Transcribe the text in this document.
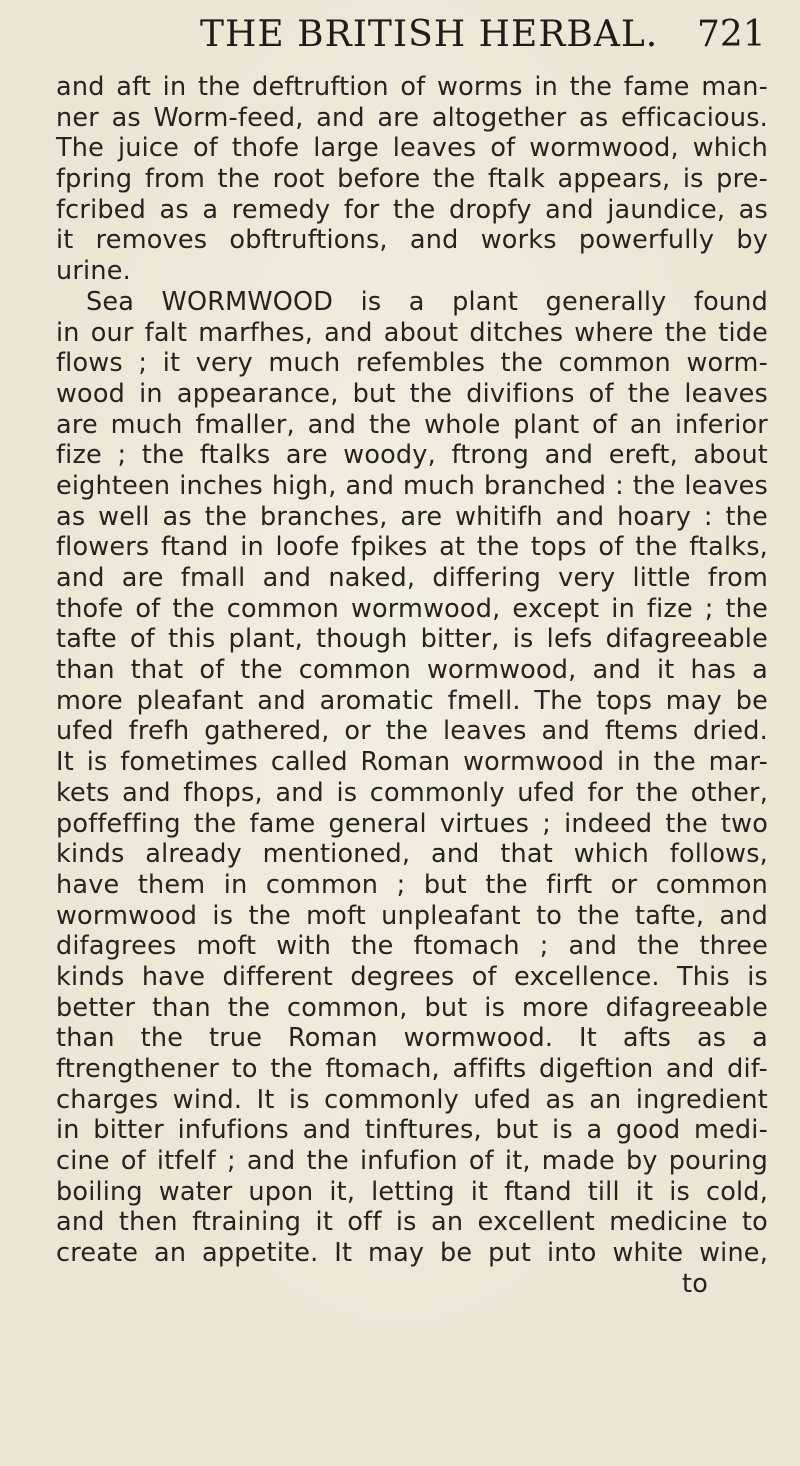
THE BRITISH HERBAL. 721
and aft in the deftruftion of worms in the fame man-
ner as Worm-feed, and are altogether as efficacious.
The juice of thofe large leaves of wormwood, which
fpring from the root before the ftalk appears, is pre-
fcribed as a remedy for the dropfy and jaundice, as
it removes obftruftions, and works powerfully by
urine.
Sea WORMWOOD is a plant generally found
in our falt marfhes, and about ditches where the tide
flows ; it very much refembles the common worm-
wood in appearance, but the divifions of the leaves
are much fmaller, and the whole plant of an inferior
fize ; the ftalks are woody, ftrong and ereft, about
eighteen inches high, and much branched : the leaves
as well as the branches, are whitifh and hoary : the
flowers ftand in loofe fpikes at the tops of the ftalks,
and are fmall and naked, differing very little from
thofe of the common wormwood, except in fize ; the
tafte of this plant, though bitter, is lefs difagreeable
than that of the common wormwood, and it has a
more pleafant and aromatic fmell. The tops may be
ufed frefh gathered, or the leaves and ftems dried.
It is fometimes called Roman wormwood in the mar-
kets and fhops, and is commonly ufed for the other,
poffeffing the fame general virtues ; indeed the two
kinds already mentioned, and that which follows,
have them in common ; but the firft or common
wormwood is the moft unpleafant to the tafte, and
difagrees moft with the ftomach ; and the three
kinds have different degrees of excellence. This is
better than the common, but is more difagreeable
than the true Roman wormwood. It afts as a
ftrengthener to the ftomach, affifts digeftion and dif-
charges wind. It is commonly ufed as an ingredient
in bitter infufions and tinftures, but is a good medi-
cine of itfelf ; and the infufion of it, made by pouring
boiling water upon it, letting it ftand till it is cold,
and then ftraining it off is an excellent medicine to
create an appetite. It may be put into white wine,
to
